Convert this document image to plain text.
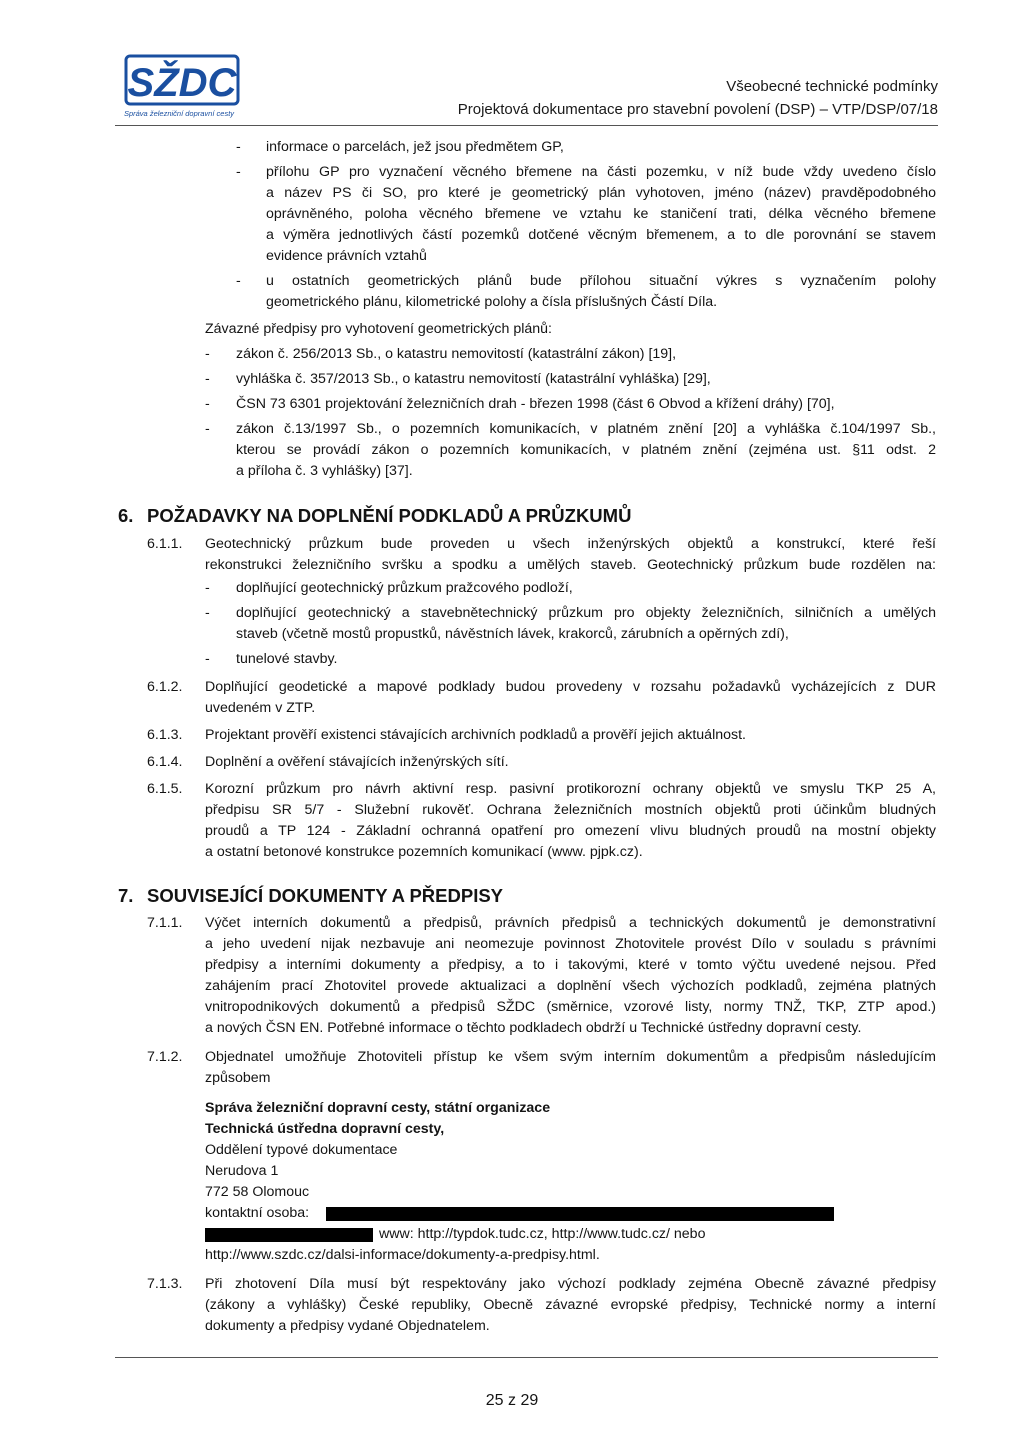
SŽDC
Správa železniční dopravní cesty
Všeobecné technické podmínky
Projektová dokumentace pro stavební povolení (DSP) – VTP/DSP/07/18
- informace o parcelách, jež jsou předmětem GP,
- přílohu GP pro vyznačení věcného břemene na části pozemku, v níž bude vždy uvedeno číslo
a název PS či SO, pro které je geometrický plán vyhotoven, jméno (název) pravděpodobného
oprávněného, poloha věcného břemene ve vztahu ke staničení trati, délka věcného břemene
a výměra jednotlivých částí pozemků dotčené věcným břemenem, a to dle porovnání se stavem
evidence právních vztahů
- u ostatních geometrických plánů bude přílohou situační výkres s vyznačením polohy
geometrického plánu, kilometrické polohy a čísla příslušných Částí Díla.
Závazné předpisy pro vyhotovení geometrických plánů:
- zákon č. 256/2013 Sb., o katastru nemovitostí (katastrální zákon) [19],
- vyhláška č. 357/2013 Sb., o katastru nemovitostí (katastrální vyhláška) [29],
- ČSN 73 6301 projektování železničních drah - březen 1998 (část 6 Obvod a křížení dráhy) [70],
- zákon č.13/1997 Sb., o pozemních komunikacích, v platném znění [20] a vyhláška č.104/1997 Sb.,
kterou se provádí zákon o pozemních komunikacích, v platném znění (zejména ust. §11 odst. 2
a příloha č. 3 vyhlášky) [37].
6. POŽADAVKY NA DOPLNĚNÍ PODKLADŮ A PRŮZKUMŮ
6.1.1. Geotechnický průzkum bude proveden u všech inženýrských objektů a konstrukcí, které řeší
rekonstrukci železničního svršku a spodku a umělých staveb. Geotechnický průzkum bude rozdělen na:
- doplňující geotechnický průzkum pražcového podloží,
- doplňující geotechnický a stavebnětechnický průzkum pro objekty železničních, silničních a umělých
staveb (včetně mostů propustků, návěstních lávek, krakorců, zárubních a opěrných zdí),
- tunelové stavby.
6.1.2. Doplňující geodetické a mapové podklady budou provedeny v rozsahu požadavků vycházejících z DUR
uvedeném v ZTP.
6.1.3. Projektant prověří existenci stávajících archivních podkladů a prověří jejich aktuálnost.
6.1.4. Doplnění a ověření stávajících inženýrských sítí.
6.1.5. Korozní průzkum pro návrh aktivní resp. pasivní protikorozní ochrany objektů ve smyslu TKP 25 A,
předpisu SR 5/7 - Služební rukověť. Ochrana železničních mostních objektů proti účinkům bludných
proudů a TP 124 - Základní ochranná opatření pro omezení vlivu bludných proudů na mostní objekty
a ostatní betonové konstrukce pozemních komunikací (www. pjpk.cz).
7. SOUVISEJÍCÍ DOKUMENTY A PŘEDPISY
7.1.1. Výčet interních dokumentů a předpisů, právních předpisů a technických dokumentů je demonstrativní
a jeho uvedení nijak nezbavuje ani neomezuje povinnost Zhotovitele provést Dílo v souladu s právními
předpisy a interními dokumenty a předpisy, a to i takovými, které v tomto výčtu uvedené nejsou. Před
zahájením prací Zhotovitel provede aktualizaci a doplnění všech výchozích podkladů, zejména platných
vnitropodnikových dokumentů a předpisů SŽDC (směrnice, vzorové listy, normy TNŽ, TKP, ZTP apod.)
a nových ČSN EN. Potřebné informace o těchto podkladech obdrží u Technické ústředny dopravní cesty.
7.1.2. Objednatel umožňuje Zhotoviteli přístup ke všem svým interním dokumentům a předpisům následujícím
způsobem
Správa železniční dopravní cesty, státní organizace
Technická ústředna dopravní cesty,
Oddělení typové dokumentace
Nerudova 1
772 58 Olomouc
kontaktní osoba:
www: http://typdok.tudc.cz, http://www.tudc.cz/ nebo
http://www.szdc.cz/dalsi-informace/dokumenty-a-predpisy.html.
7.1.3. Při zhotovení Díla musí být respektovány jako výchozí podklady zejména Obecně závazné předpisy
(zákony a vyhlášky) České republiky, Obecně závazné evropské předpisy, Technické normy a interní
dokumenty a předpisy vydané Objednatelem.
25 z 29
